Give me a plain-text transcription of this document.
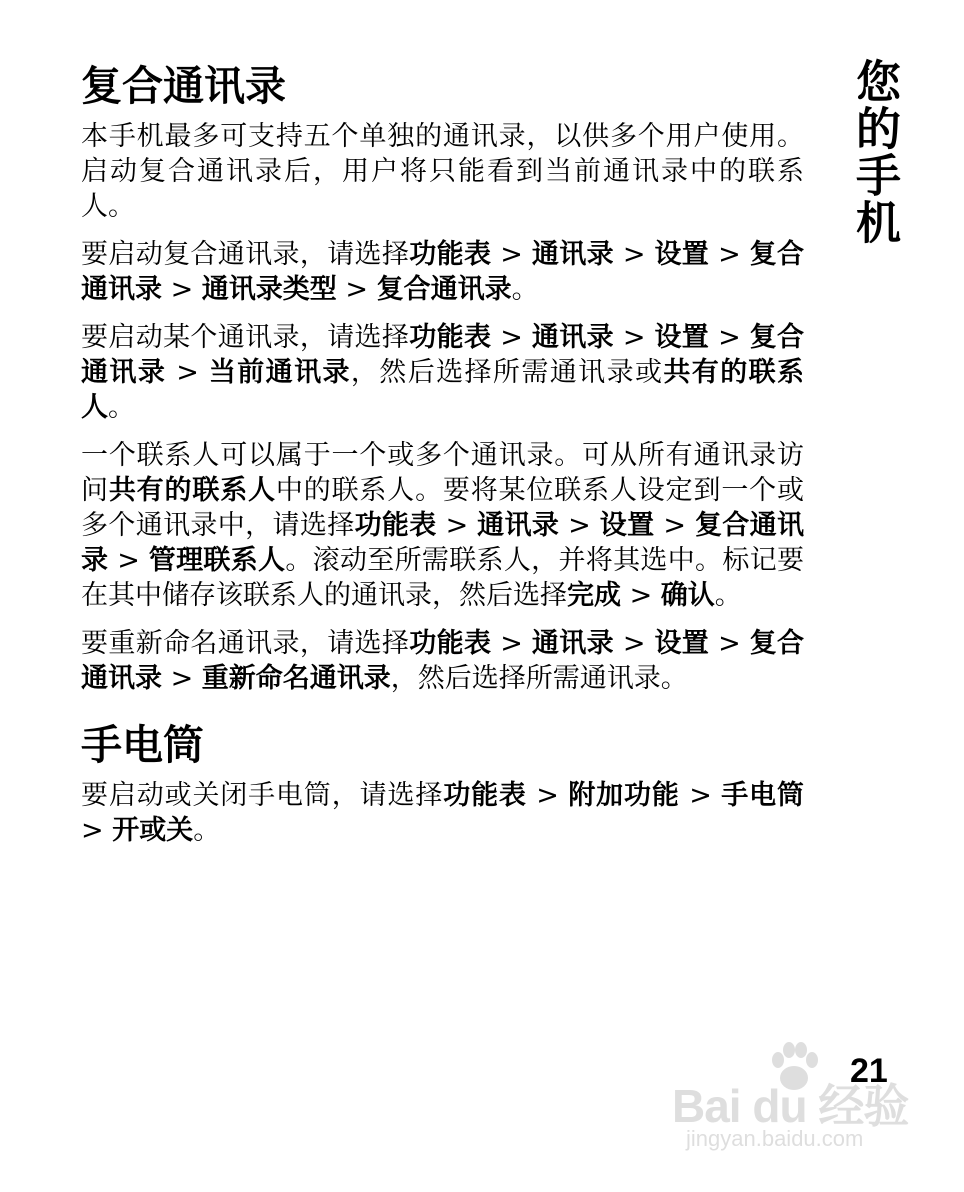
复合通讯录

本手机最多可支持五个单独的通讯录，以供多个用户使用。启动复合通讯录后，用户将只能看到当前通讯录中的联系人。

要启动复合通讯录，请选择功能表 > 通讯录 > 设置 > 复合通讯录 > 通讯录类型 > 复合通讯录。

要启动某个通讯录，请选择功能表 > 通讯录 > 设置 > 复合通讯录 > 当前通讯录，然后选择所需通讯录或共有的联系人。

一个联系人可以属于一个或多个通讯录。可从所有通讯录访问共有的联系人中的联系人。要将某位联系人设定到一个或多个通讯录中，请选择功能表 > 通讯录 > 设置 > 复合通讯录 > 管理联系人。滚动至所需联系人，并将其选中。标记要在其中储存该联系人的通讯录，然后选择完成 > 确认。

要重新命名通讯录，请选择功能表 > 通讯录 > 设置 > 复合通讯录 > 重新命名通讯录，然后选择所需通讯录。

手电筒

要启动或关闭手电筒，请选择功能表 > 附加功能 > 手电筒 > 开或关。

您的手机
21
Bai du 经验
jingyan.baidu.com
